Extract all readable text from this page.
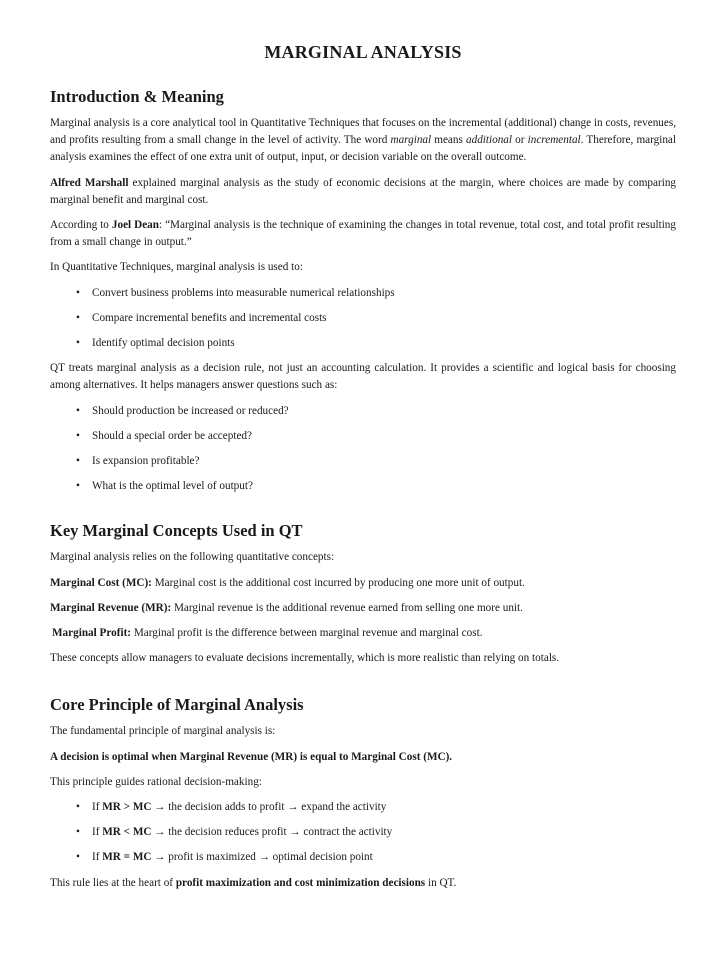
MARGINAL ANALYSIS
Introduction & Meaning

Marginal analysis is a core analytical tool in Quantitative Techniques that focuses on the incremental (additional) change in costs, revenues, and profits resulting from a small change in the level of activity. The word marginal means additional or incremental. Therefore, marginal analysis examines the effect of one extra unit of output, input, or decision variable on the overall outcome.

Alfred Marshall explained marginal analysis as the study of economic decisions at the margin, where choices are made by comparing marginal benefit and marginal cost.

According to Joel Dean: “Marginal analysis is the technique of examining the changes in total revenue, total cost, and total profit resulting from a small change in output.”

In Quantitative Techniques, marginal analysis is used to:

• Convert business problems into measurable numerical relationships
• Compare incremental benefits and incremental costs
• Identify optimal decision points

QT treats marginal analysis as a decision rule, not just an accounting calculation. It provides a scientific and logical basis for choosing among alternatives. It helps managers answer questions such as:

• Should production be increased or reduced?
• Should a special order be accepted?
• Is expansion profitable?
• What is the optimal level of output?
Key Marginal Concepts Used in QT

Marginal analysis relies on the following quantitative concepts:

Marginal Cost (MC): Marginal cost is the additional cost incurred by producing one more unit of output.

Marginal Revenue (MR): Marginal revenue is the additional revenue earned from selling one more unit.

Marginal Profit: Marginal profit is the difference between marginal revenue and marginal cost.

These concepts allow managers to evaluate decisions incrementally, which is more realistic than relying on totals.

Core Principle of Marginal Analysis

The fundamental principle of marginal analysis is:

A decision is optimal when Marginal Revenue (MR) is equal to Marginal Cost (MC).

This principle guides rational decision-making:

• If MR > MC → the decision adds to profit → expand the activity
• If MR < MC → the decision reduces profit → contract the activity
• If MR = MC → profit is maximized → optimal decision point

This rule lies at the heart of profit maximization and cost minimization decisions in QT.
